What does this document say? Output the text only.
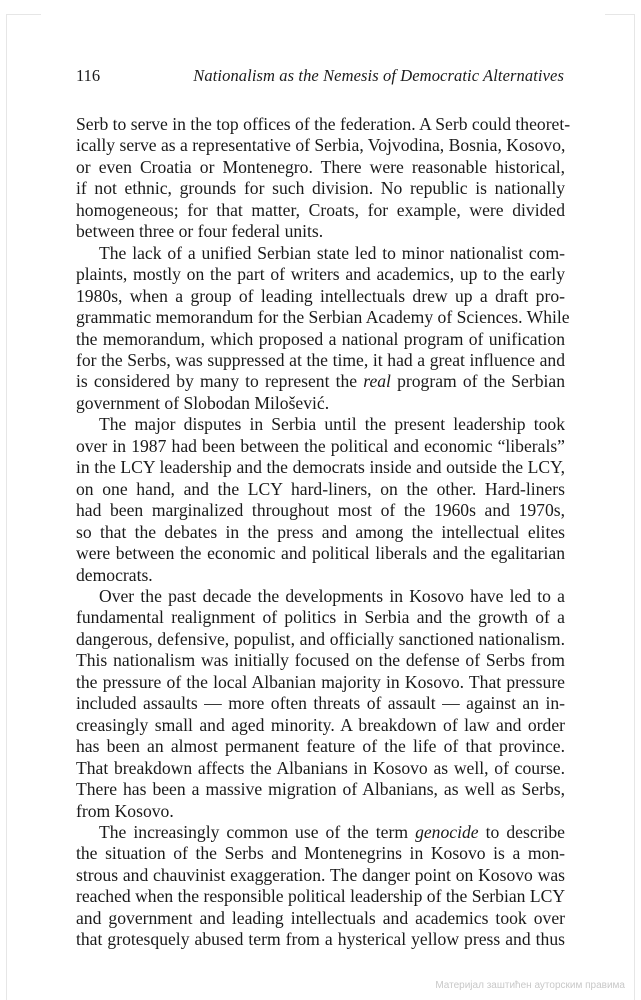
116	Nationalism as the Nemesis of Democratic Alternatives
Serb to serve in the top offices of the federation. A Serb could theoret-
ically serve as a representative of Serbia, Vojvodina, Bosnia, Kosovo,
or even Croatia or Montenegro. There were reasonable historical,
if not ethnic, grounds for such division. No republic is nationally
homogeneous; for that matter, Croats, for example, were divided
between three or four federal units.
The lack of a unified Serbian state led to minor nationalist com-
plaints, mostly on the part of writers and academics, up to the early
1980s, when a group of leading intellectuals drew up a draft pro-
grammatic memorandum for the Serbian Academy of Sciences. While
the memorandum, which proposed a national program of unification
for the Serbs, was suppressed at the time, it had a great influence and
is considered by many to represent the real program of the Serbian
government of Slobodan Milošević.
The major disputes in Serbia until the present leadership took
over in 1987 had been between the political and economic “liberals”
in the LCY leadership and the democrats inside and outside the LCY,
on one hand, and the LCY hard-liners, on the other. Hard-liners
had been marginalized throughout most of the 1960s and 1970s,
so that the debates in the press and among the intellectual elites
were between the economic and political liberals and the egalitarian
democrats.
Over the past decade the developments in Kosovo have led to a
fundamental realignment of politics in Serbia and the growth of a
dangerous, defensive, populist, and officially sanctioned nationalism.
This nationalism was initially focused on the defense of Serbs from
the pressure of the local Albanian majority in Kosovo. That pressure
included assaults — more often threats of assault — against an in-
creasingly small and aged minority. A breakdown of law and order
has been an almost permanent feature of the life of that province.
That breakdown affects the Albanians in Kosovo as well, of course.
There has been a massive migration of Albanians, as well as Serbs,
from Kosovo.
The increasingly common use of the term genocide to describe
the situation of the Serbs and Montenegrins in Kosovo is a mon-
strous and chauvinist exaggeration. The danger point on Kosovo was
reached when the responsible political leadership of the Serbian LCY
and government and leading intellectuals and academics took over
that grotesquely abused term from a hysterical yellow press and thus
Материјал заштићен ауторским правима
